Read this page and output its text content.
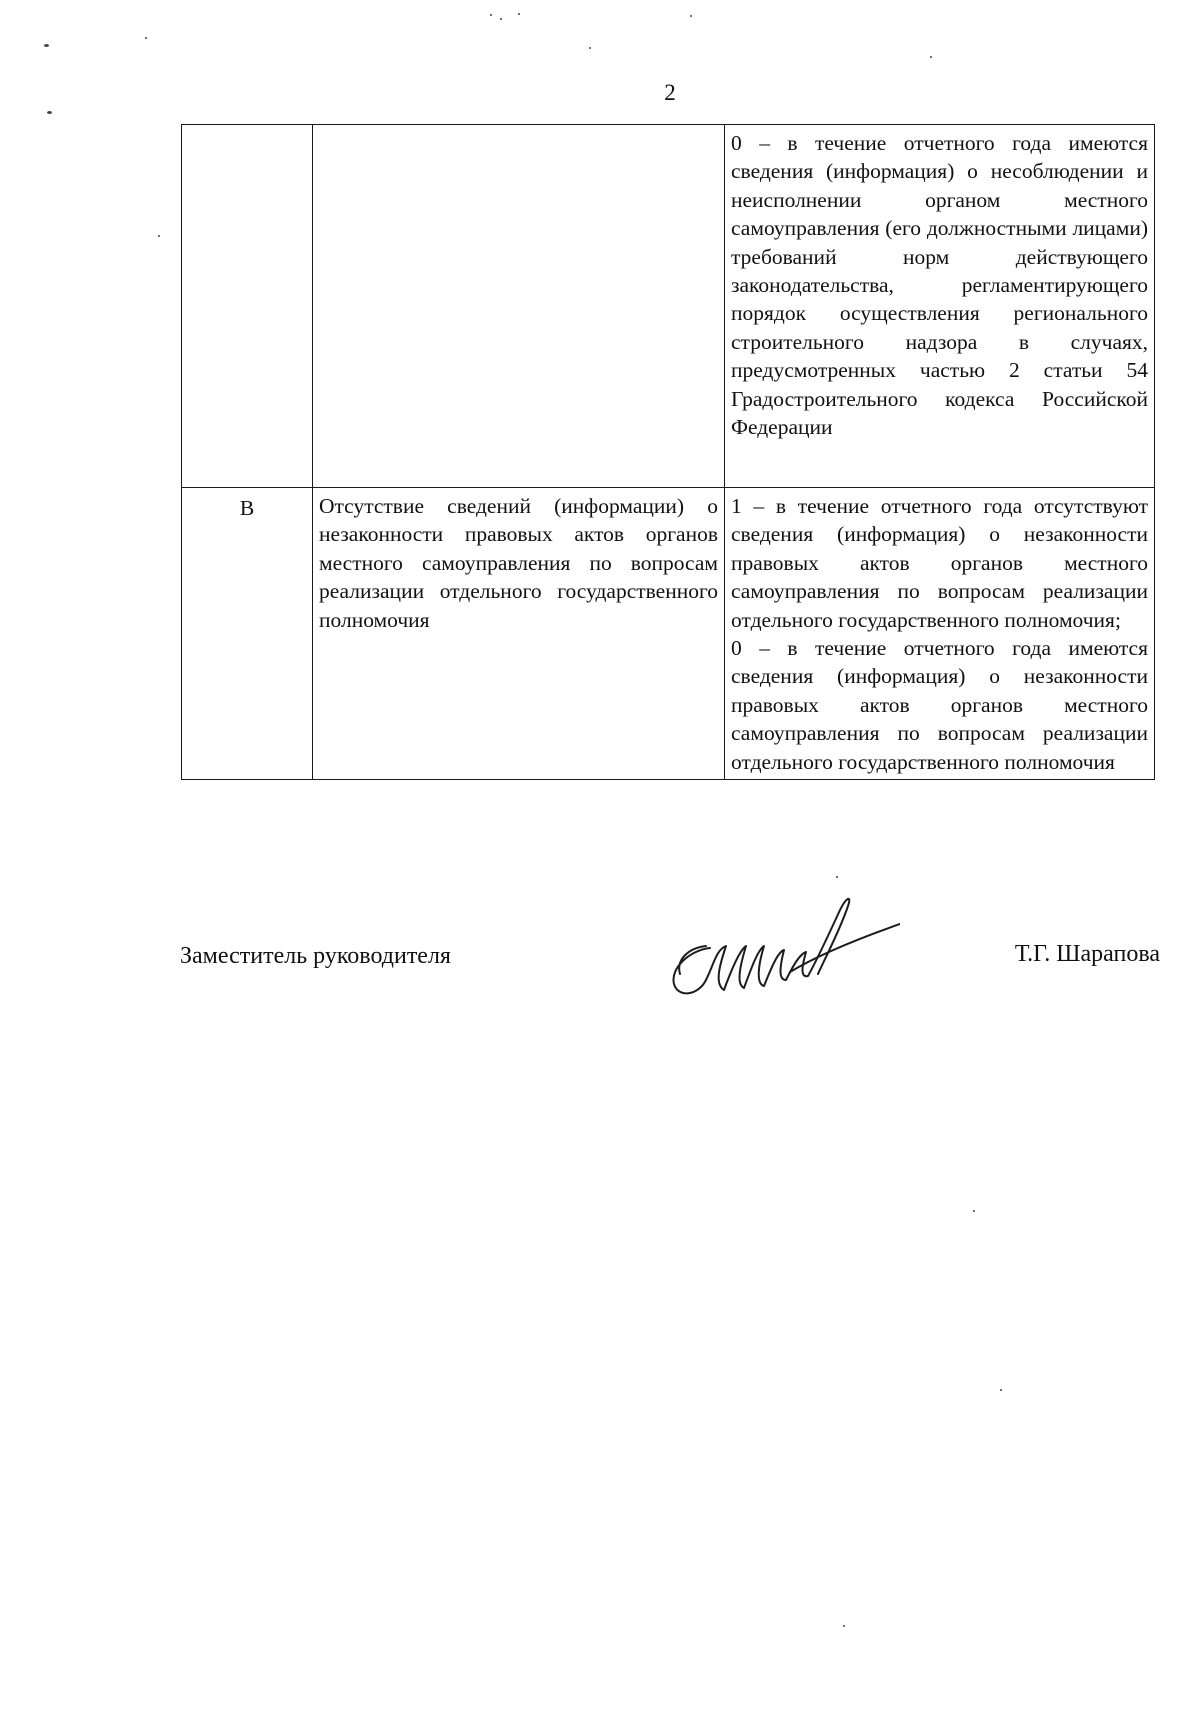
2
		0 – в течение отчетного года имеются сведения (информация) о несоблюдении и неисполнении органом местного самоуправления (его должностными лицами) требований норм действующего законодательства, регламентирующего порядок осуществления регионального строительного надзора в случаях, предусмотренных частью 2 статьи 54 Градостроительного кодекса Российской Федерации
В	Отсутствие сведений (информации) о незаконности правовых актов органов местного самоуправления по вопросам реализации отдельного государственного полномочия	1 – в течение отчетного года отсутствуют сведения (информация) о незаконности правовых актов органов местного самоуправления по вопросам реализации отдельного государственного полномочия;
0 – в течение отчетного года имеются сведения (информация) о незаконности правовых актов органов местного самоуправления по вопросам реализации отдельного государственного полномочия
Заместитель руководителя	Т.Г. Шарапова
